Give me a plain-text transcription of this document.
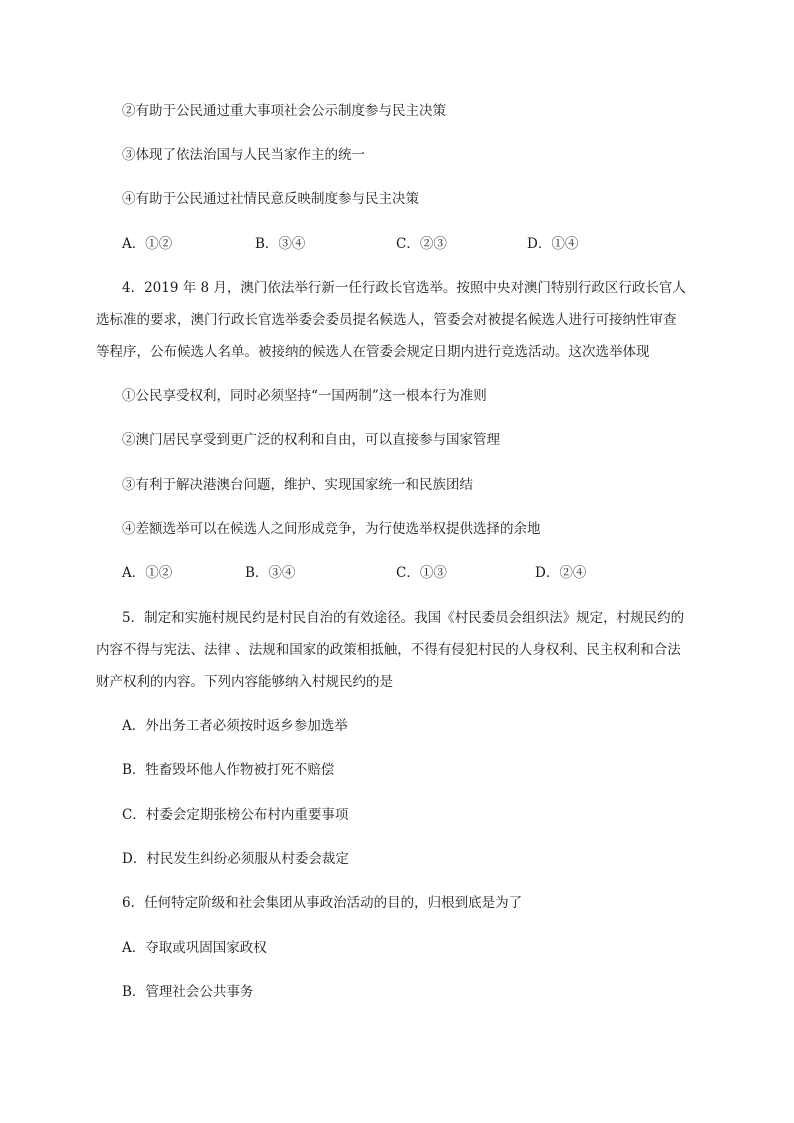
②有助于公民通过重大事项社会公示制度参与民主决策
③体现了依法治国与人民当家作主的统一
④有助于公民通过社情民意反映制度参与民主决策
A．①②	B．③④	C．②③	D．①④
4．2019 年 8 月，澳门依法举行新一任行政长官选举。按照中央对澳门特别行政区行政长官人
选标准的要求，澳门行政长官选举委会委员提名候选人，管委会对被提名候选人进行可接纳性审查
等程序，公布候选人名单。被接纳的候选人在管委会规定日期内进行竞选活动。这次选举体现
①公民享受权利，同时必须坚持“一国两制”这一根本行为准则
②澳门居民享受到更广泛的权利和自由，可以直接参与国家管理
③有利于解决港澳台问题，维护、实现国家统一和民族团结
④差额选举可以在候选人之间形成竞争，为行使选举权提供选择的余地
A．①②	B．③④	C．①③	D．②④
5．制定和实施村规民约是村民自治的有效途径。我国《村民委员会组织法》规定，村规民约的
内容不得与宪法、法律 、法规和国家的政策相抵触，不得有侵犯村民的人身权利、民主权利和合法
财产权利的内容。下列内容能够纳入村规民约的是
A．外出务工者必须按时返乡参加选举
B．牲畜毁坏他人作物被打死不赔偿
C．村委会定期张榜公布村内重要事项
D．村民发生纠纷必须服从村委会裁定
6．任何特定阶级和社会集团从事政治活动的目的，归根到底是为了
A．夺取或巩固国家政权
B．管理社会公共事务
